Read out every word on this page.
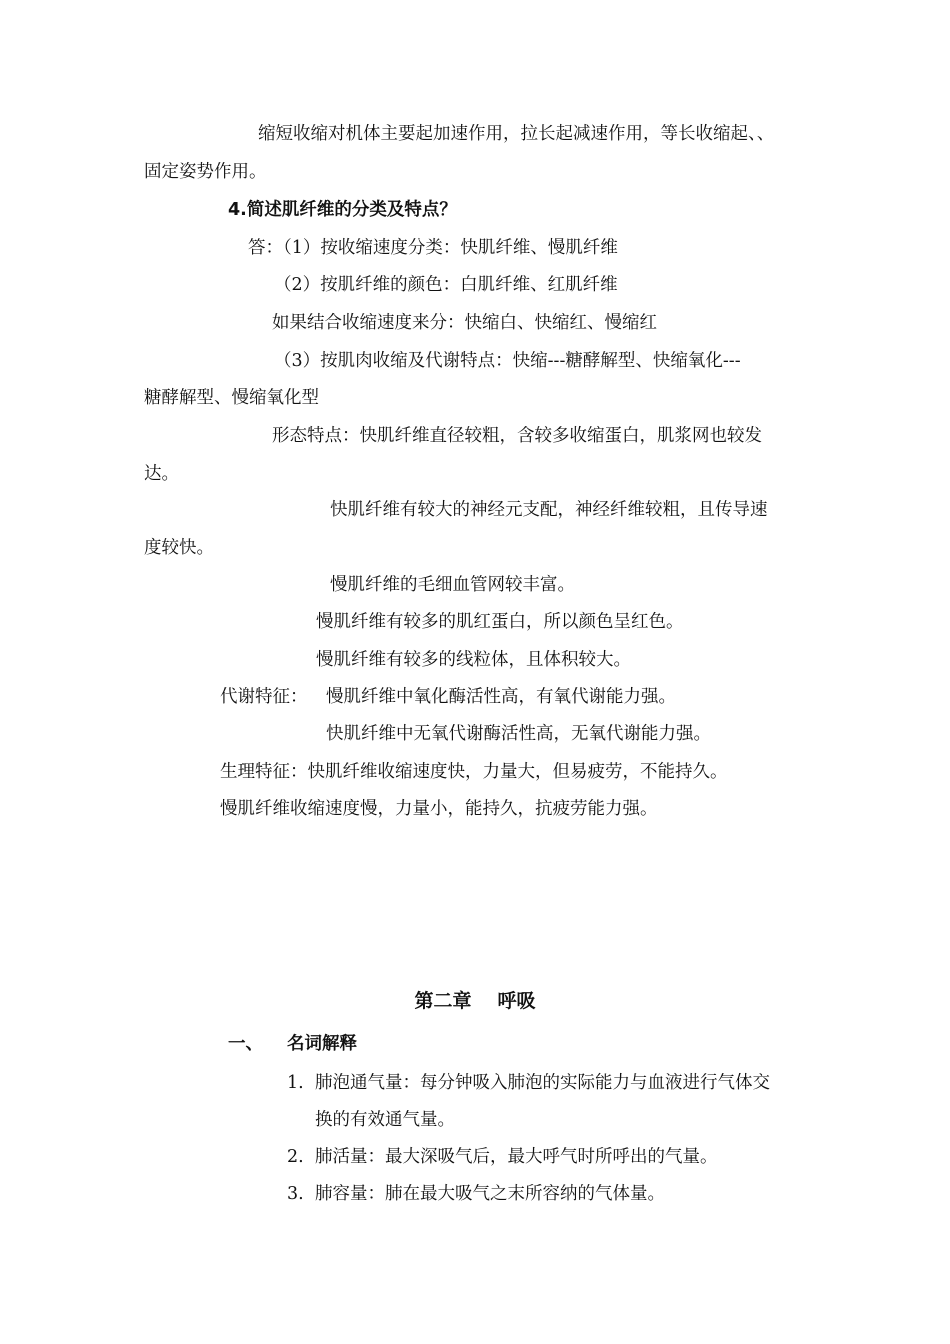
缩短收缩对机体主要起加速作用，拉长起减速作用，等长收缩起、、
固定姿势作用。
4.简述肌纤维的分类及特点？
答：（1）按收缩速度分类：快肌纤维、慢肌纤维
（2）按肌纤维的颜色：白肌纤维、红肌纤维
如果结合收缩速度来分：快缩白、快缩红、慢缩红
（3）按肌肉收缩及代谢特点：快缩---糖酵解型、快缩氧化---
糖酵解型、慢缩氧化型
形态特点：快肌纤维直径较粗，含较多收缩蛋白，肌浆网也较发
达。
快肌纤维有较大的神经元支配，神经纤维较粗，且传导速
度较快。
慢肌纤维的毛细血管网较丰富。
慢肌纤维有较多的肌红蛋白，所以颜色呈红色。
慢肌纤维有较多的线粒体，且体积较大。
代谢特征： 慢肌纤维中氧化酶活性高，有氧代谢能力强。
快肌纤维中无氧代谢酶活性高，无氧代谢能力强。
生理特征：快肌纤维收缩速度快，力量大，但易疲劳，不能持久。
慢肌纤维收缩速度慢，力量小，能持久，抗疲劳能力强。
第二章 呼吸
一、 名词解释
1. 肺泡通气量：每分钟吸入肺泡的实际能力与血液进行气体交
换的有效通气量。
2. 肺活量：最大深吸气后，最大呼气时所呼出的气量。
3. 肺容量：肺在最大吸气之末所容纳的气体量。
